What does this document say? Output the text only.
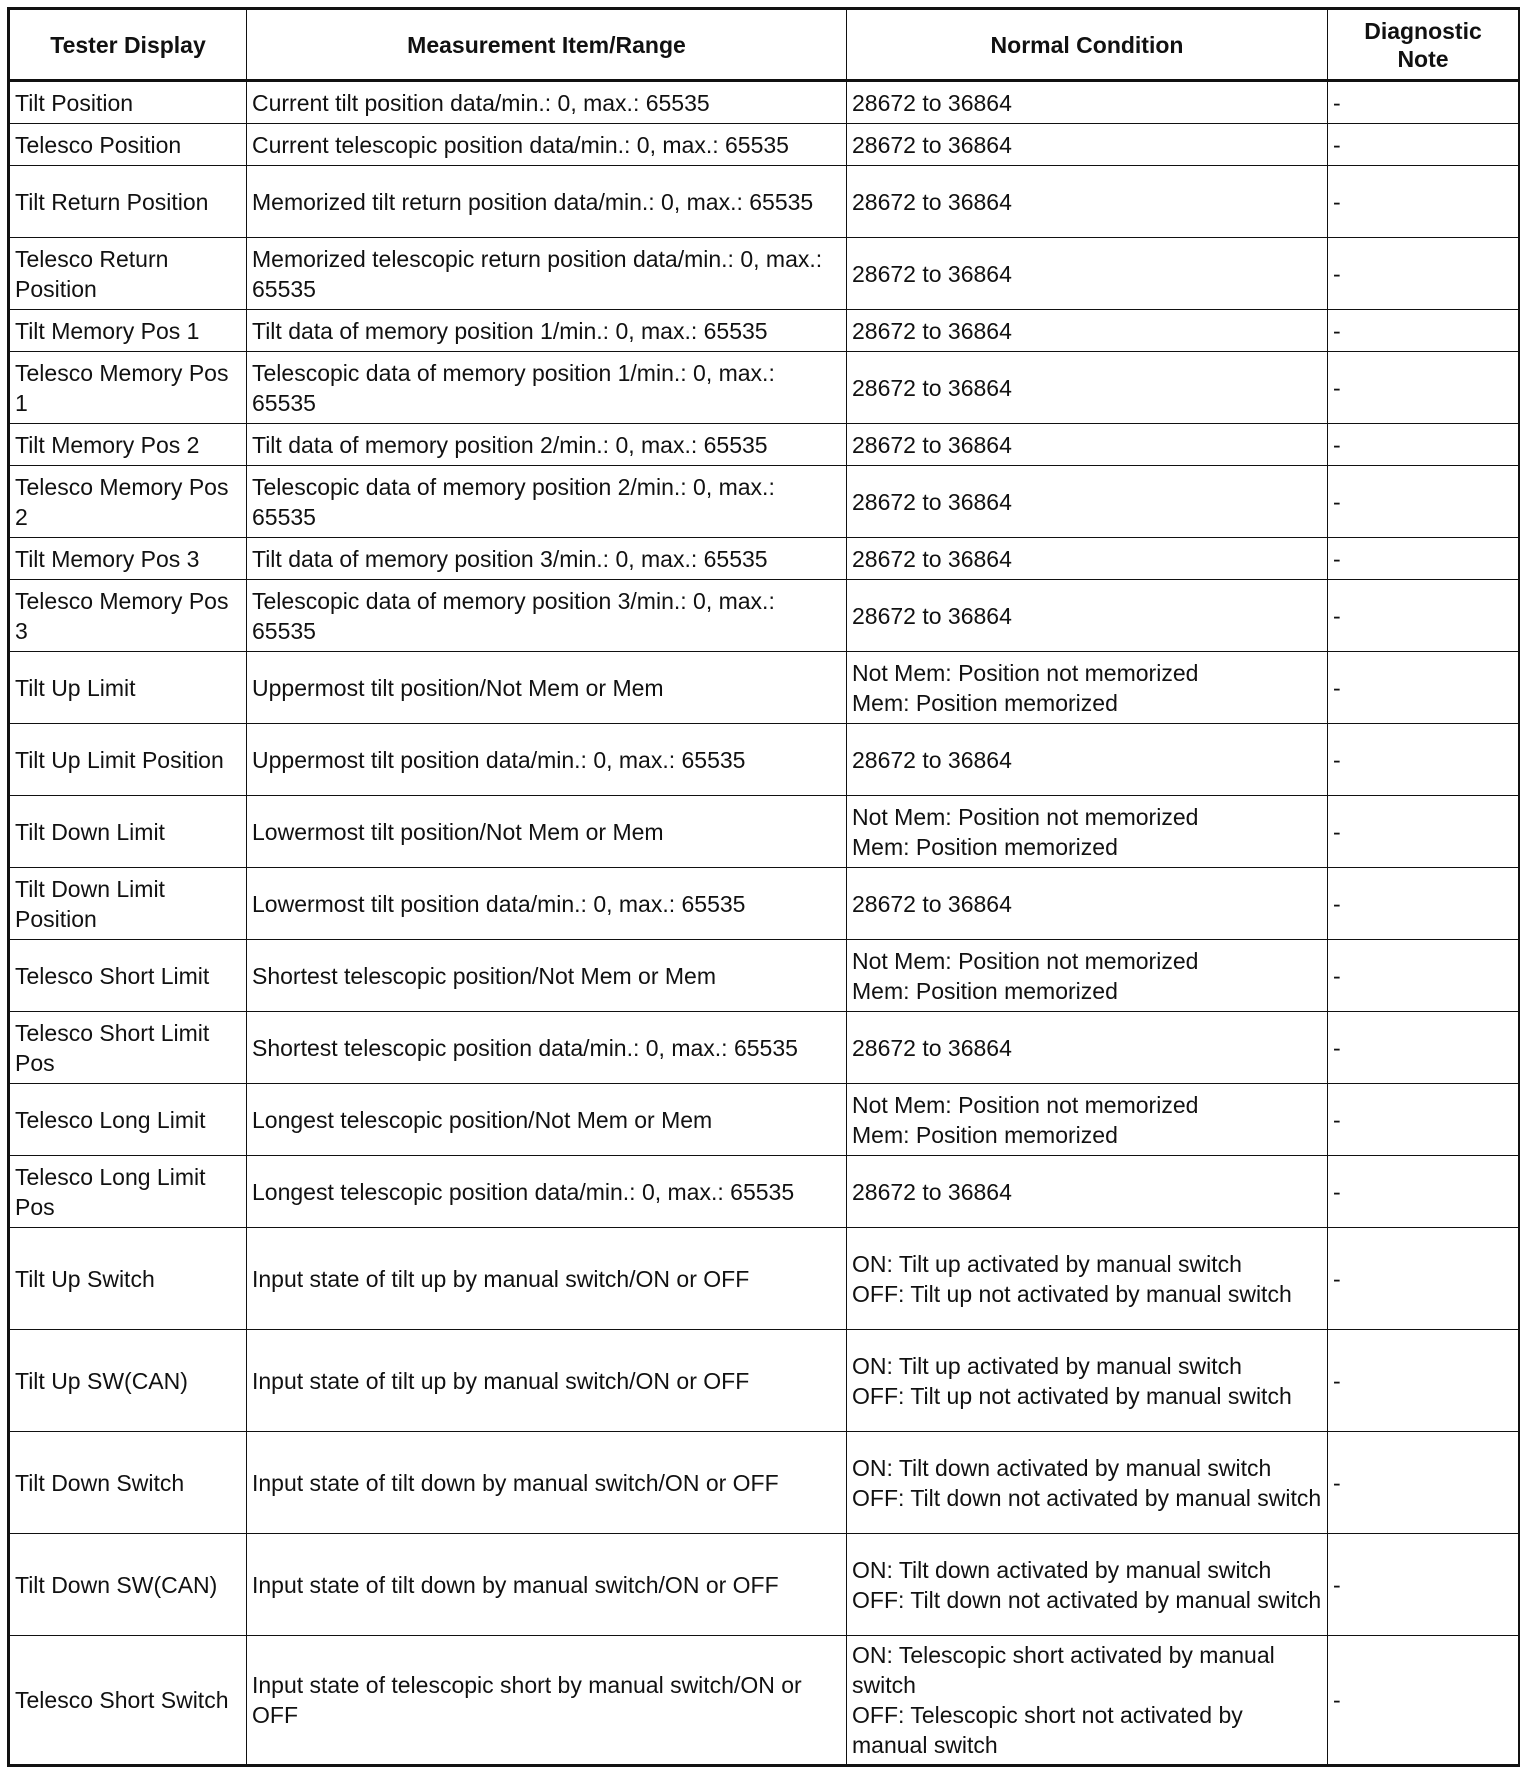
Tester Display	Measurement Item/Range	Normal Condition	Diagnostic Note
Tilt Position	Current tilt position data/min.: 0, max.: 65535	28672 to 36864	-
Telesco Position	Current telescopic position data/min.: 0, max.: 65535	28672 to 36864	-
Tilt Return Position	Memorized tilt return position data/min.: 0, max.: 65535	28672 to 36864	-
Telesco Return Position	Memorized telescopic return position data/min.: 0, max.: 65535	28672 to 36864	-
Tilt Memory Pos 1	Tilt data of memory position 1/min.: 0, max.: 65535	28672 to 36864	-
Telesco Memory Pos 1	Telescopic data of memory position 1/min.: 0, max.: 65535	28672 to 36864	-
Tilt Memory Pos 2	Tilt data of memory position 2/min.: 0, max.: 65535	28672 to 36864	-
Telesco Memory Pos 2	Telescopic data of memory position 2/min.: 0, max.: 65535	28672 to 36864	-
Tilt Memory Pos 3	Tilt data of memory position 3/min.: 0, max.: 65535	28672 to 36864	-
Telesco Memory Pos 3	Telescopic data of memory position 3/min.: 0, max.: 65535	28672 to 36864	-
Tilt Up Limit	Uppermost tilt position/Not Mem or Mem	Not Mem: Position not memorized
Mem: Position memorized	-
Tilt Up Limit Position	Uppermost tilt position data/min.: 0, max.: 65535	28672 to 36864	-
Tilt Down Limit	Lowermost tilt position/Not Mem or Mem	Not Mem: Position not memorized
Mem: Position memorized	-
Tilt Down Limit Position	Lowermost tilt position data/min.: 0, max.: 65535	28672 to 36864	-
Telesco Short Limit	Shortest telescopic position/Not Mem or Mem	Not Mem: Position not memorized
Mem: Position memorized	-
Telesco Short Limit Pos	Shortest telescopic position data/min.: 0, max.: 65535	28672 to 36864	-
Telesco Long Limit	Longest telescopic position/Not Mem or Mem	Not Mem: Position not memorized
Mem: Position memorized	-
Telesco Long Limit Pos	Longest telescopic position data/min.: 0, max.: 65535	28672 to 36864	-
Tilt Up Switch	Input state of tilt up by manual switch/ON or OFF	ON: Tilt up activated by manual switch
OFF: Tilt up not activated by manual switch	-
Tilt Up SW(CAN)	Input state of tilt up by manual switch/ON or OFF	ON: Tilt up activated by manual switch
OFF: Tilt up not activated by manual switch	-
Tilt Down Switch	Input state of tilt down by manual switch/ON or OFF	ON: Tilt down activated by manual switch
OFF: Tilt down not activated by manual switch	-
Tilt Down SW(CAN)	Input state of tilt down by manual switch/ON or OFF	ON: Tilt down activated by manual switch
OFF: Tilt down not activated by manual switch	-
Telesco Short Switch	Input state of telescopic short by manual switch/ON or OFF	ON: Telescopic short activated by manual switch
OFF: Telescopic short not activated by manual switch	-
